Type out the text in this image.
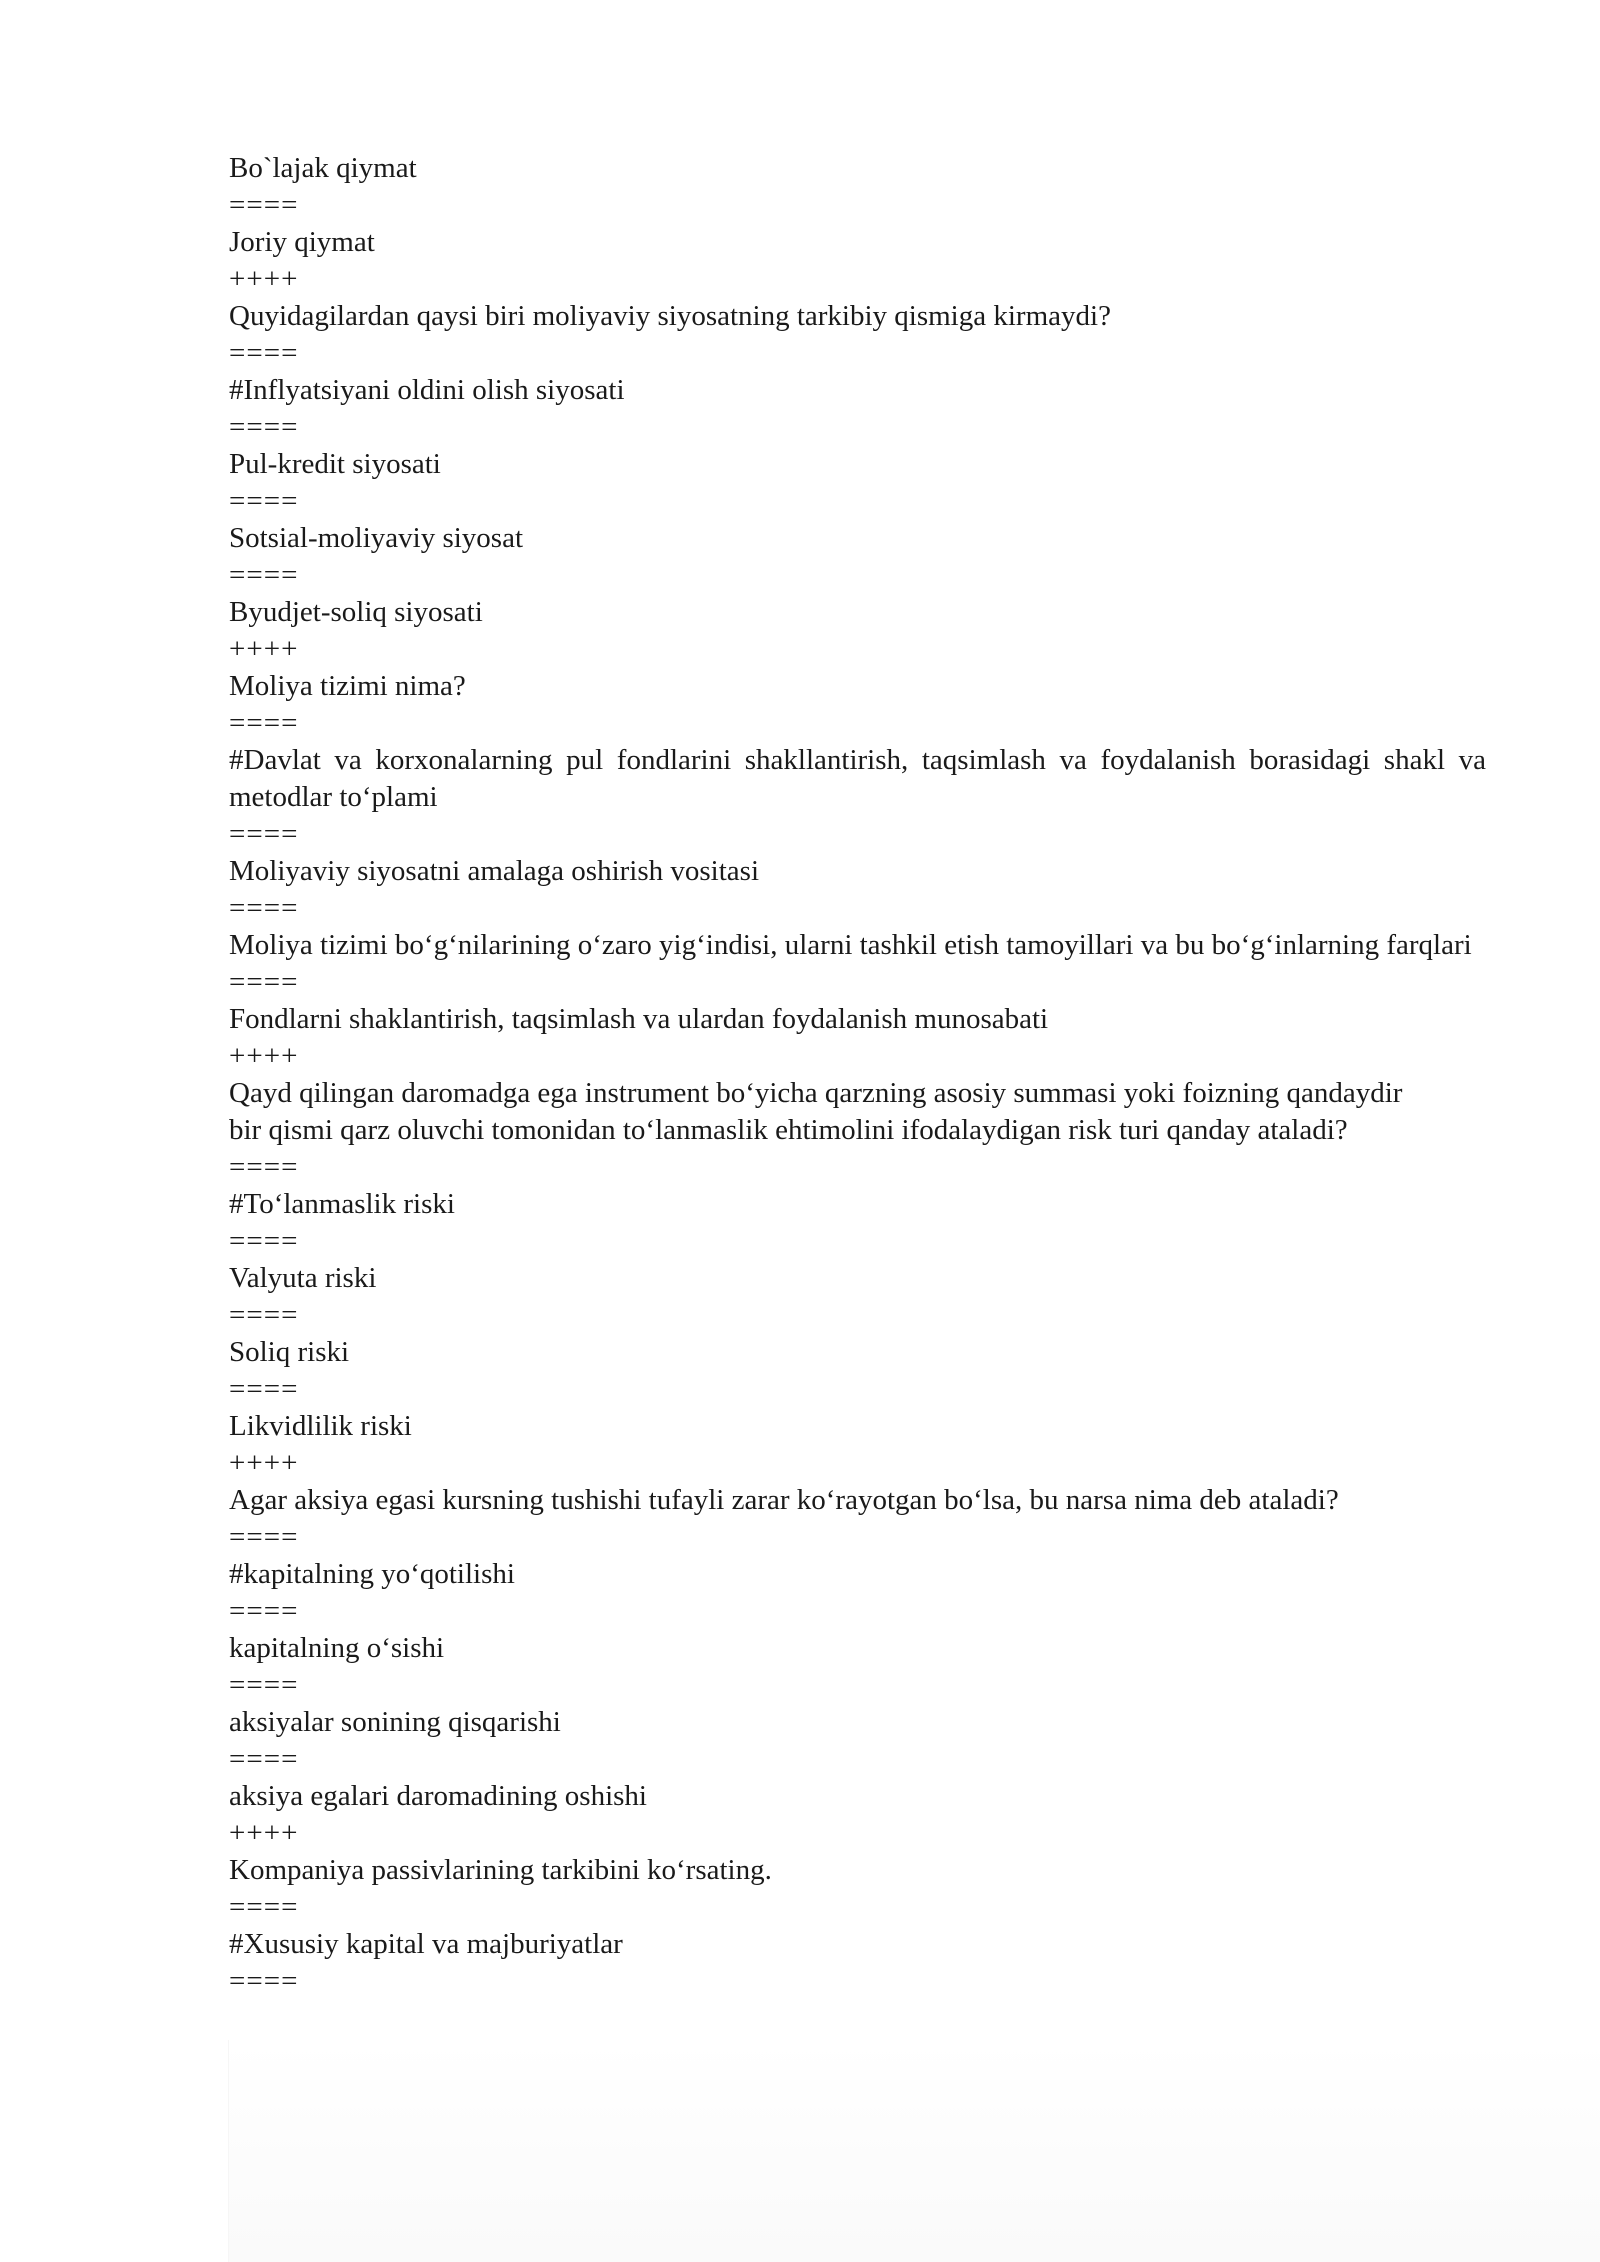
Bo`lajak qiymat

====

Joriy qiymat

++++

Quyidagilardan qaysi biri moliyaviy siyosatning tarkibiy qismiga kirmaydi?

====

#Inflyatsiyani oldini olish siyosati

====

Pul-kredit siyosati

====

Sotsial-moliyaviy siyosat

====

Byudjet-soliq siyosati

++++

Moliya tizimi nima?

====

#Davlat va korxonalarning pul fondlarini shakllantirish, taqsimlash va foydalanish borasidagi shakl va metodlar to‘plami

====

Moliyaviy siyosatni amalaga oshirish vositasi

====

Moliya tizimi bo‘g‘nilarining o‘zaro yig‘indisi, ularni tashkil etish tamoyillari va bu bo‘g‘inlarning farqlari

====

Fondlarni shaklantirish, taqsimlash va ulardan foydalanish munosabati

++++

Qayd qilingan daromadga ega instrument bo‘yicha qarzning asosiy summasi yoki foizning qandaydir bir qismi qarz oluvchi tomonidan to‘lanmaslik ehtimolini ifodalaydigan risk turi qanday ataladi?

====

#To‘lanmaslik riski

====

Valyuta riski

====

Soliq riski

====

Likvidlilik riski

++++

Agar aksiya egasi kursning tushishi tufayli zarar ko‘rayotgan bo‘lsa, bu narsa nima deb ataladi?

====

#kapitalning yo‘qotilishi

====

kapitalning o‘sishi

====

aksiyalar sonining qisqarishi

====

aksiya egalari daromadining oshishi

++++

Kompaniya passivlarining tarkibini ko‘rsating.

====

#Xususiy kapital va majburiyatlar

====
